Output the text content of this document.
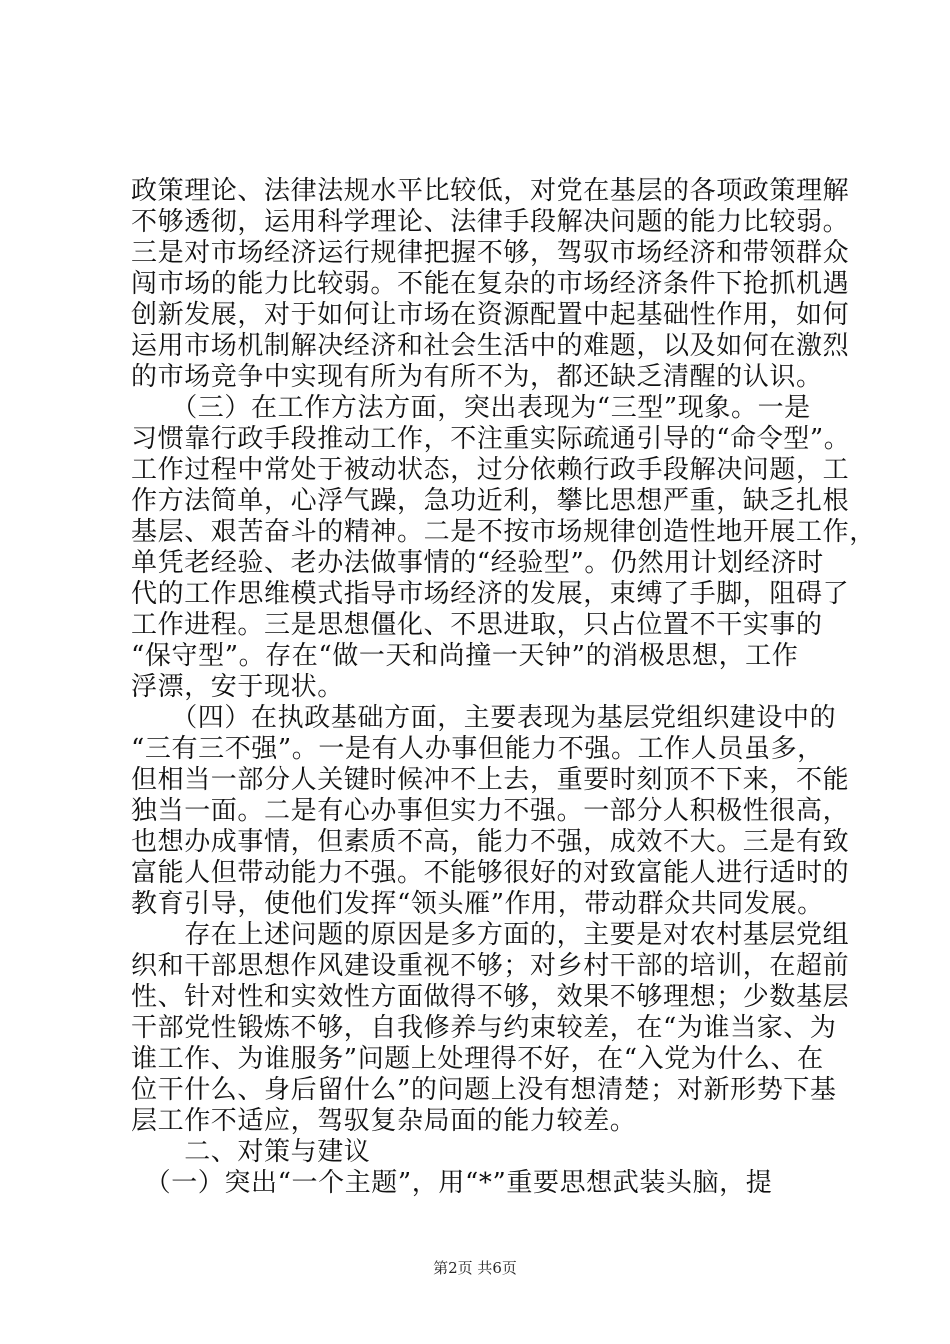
政策理论、法律法规水平比较低，对党在基层的各项政策理解
不够透彻，运用科学理论、法律手段解决问题的能力比较弱。
三是对市场经济运行规律把握不够，驾驭市场经济和带领群众
闯市场的能力比较弱。不能在复杂的市场经济条件下抢抓机遇
创新发展，对于如何让市场在资源配置中起基础性作用，如何
运用市场机制解决经济和社会生活中的难题，以及如何在激烈
的市场竞争中实现有所为有所不为，都还缺乏清醒的认识。
　　（三）在工作方法方面，突出表现为“三型”现象。一是
习惯靠行政手段推动工作，不注重实际疏通引导的“命令型”。
工作过程中常处于被动状态，过分依赖行政手段解决问题，工
作方法简单，心浮气躁，急功近利，攀比思想严重，缺乏扎根
基层、艰苦奋斗的精神。二是不按市场规律创造性地开展工作，
单凭老经验、老办法做事情的“经验型”。仍然用计划经济时
代的工作思维模式指导市场经济的发展，束缚了手脚，阻碍了
工作进程。三是思想僵化、不思进取，只占位置不干实事的
“保守型”。存在“做一天和尚撞一天钟”的消极思想，工作
浮漂，安于现状。
　　（四）在执政基础方面，主要表现为基层党组织建设中的
“三有三不强”。一是有人办事但能力不强。工作人员虽多，
但相当一部分人关键时候冲不上去，重要时刻顶不下来，不能
独当一面。二是有心办事但实力不强。一部分人积极性很高，
也想办成事情，但素质不高，能力不强，成效不大。三是有致
富能人但带动能力不强。不能够很好的对致富能人进行适时的
教育引导，使他们发挥“领头雁”作用，带动群众共同发展。
　　存在上述问题的原因是多方面的，主要是对农村基层党组
织和干部思想作风建设重视不够；对乡村干部的培训，在超前
性、针对性和实效性方面做得不够，效果不够理想；少数基层
干部党性锻炼不够，自我修养与约束较差，在“为谁当家、为
谁工作、为谁服务”问题上处理得不好，在“入党为什么、在
位干什么、身后留什么”的问题上没有想清楚；对新形势下基
层工作不适应，驾驭复杂局面的能力较差。
　　二、对策与建议
　（一）突出“一个主题”，用“*”重要思想武装头脑，提
第2页 共6页
